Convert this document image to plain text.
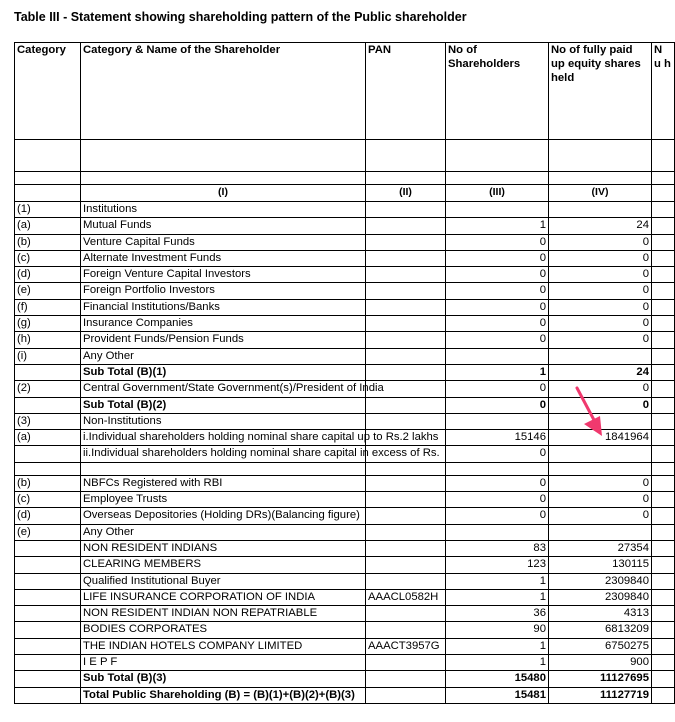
Table III - Statement showing shareholding pattern of the Public shareholder
Category	Category & Name of the Shareholder	PAN	No of Shareholders	No of fully paid up equity shares held	N u h

	(I)	(II)	(III)	(IV)	
(1)	Institutions				
(a)	Mutual Funds		1	24	
(b)	Venture Capital Funds		0	0	
(c)	Alternate Investment Funds		0	0	
(d)	Foreign Venture Capital Investors		0	0	
(e)	Foreign Portfolio Investors		0	0	
(f)	Financial Institutions/Banks		0	0	
(g)	Insurance Companies		0	0	
(h)	Provident Funds/Pension Funds		0	0	
(i)	Any Other				
	Sub Total (B)(1)		1	24	
(2)	Central Government/State Government(s)/President of India		0	0	
	Sub Total (B)(2)		0	0	
(3)	Non-Institutions				
(a)	i.Individual shareholders holding nominal share capital up to Rs.2 lakhs		15146	1841964	
	ii.Individual shareholders holding nominal share capital in excess of Rs.		0		

(b)	NBFCs Registered with RBI		0	0	
(c)	Employee Trusts		0	0	
(d)	Overseas Depositories (Holding DRs)(Balancing figure)		0	0	
(e)	Any Other				
	NON RESIDENT INDIANS		83	27354	
	CLEARING MEMBERS		123	130115	
	Qualified Institutional Buyer		1	2309840	
	LIFE INSURANCE CORPORATION OF INDIA	AAACL0582H	1	2309840	
	NON RESIDENT INDIAN NON REPATRIABLE		36	4313	
	BODIES CORPORATES		90	6813209	
	THE INDIAN HOTELS COMPANY LIMITED	AAACT3957G	1	6750275	
	I E P F		1	900	
	Sub Total (B)(3)		15480	11127695	
	Total Public Shareholding (B) = (B)(1)+(B)(2)+(B)(3)		15481	11127719	
